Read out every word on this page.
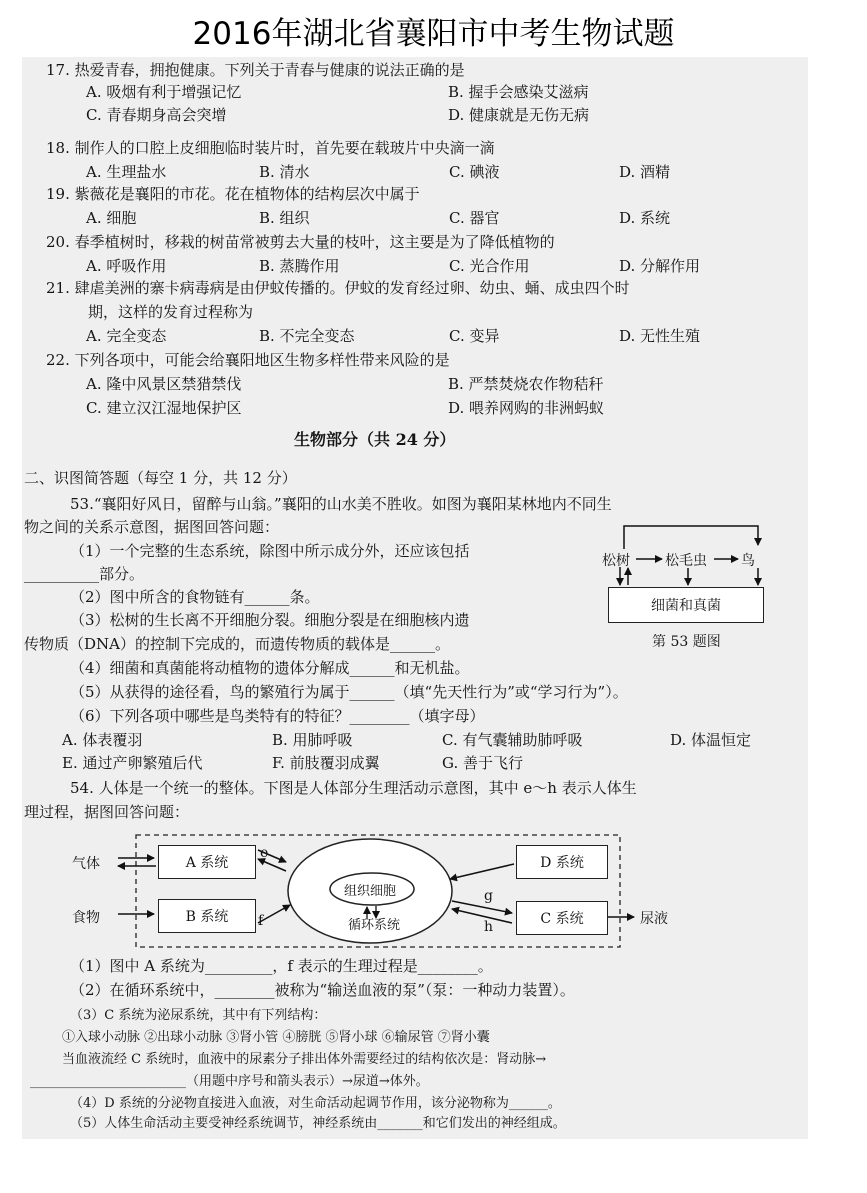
2016年湖北省襄阳市中考生物试题
17. 热爱青春，拥抱健康。下列关于青春与健康的说法正确的是
A. 吸烟有利于增强记忆	B. 握手会感染艾滋病
C. 青春期身高会突增	D. 健康就是无伤无病
18. 制作人的口腔上皮细胞临时装片时，首先要在载玻片中央滴一滴
A. 生理盐水	B. 清水	C. 碘液	D. 酒精
19. 紫薇花是襄阳的市花。花在植物体的结构层次中属于
A. 细胞	B. 组织	C. 器官	D. 系统
20. 春季植树时，移栽的树苗常被剪去大量的枝叶，这主要是为了降低植物的
A. 呼吸作用	B. 蒸腾作用	C. 光合作用	D. 分解作用
21. 肆虐美洲的寨卡病毒病是由伊蚊传播的。伊蚊的发育经过卵、幼虫、蛹、成虫四个时
期，这样的发育过程称为
A. 完全变态	B. 不完全变态	C. 变异	D. 无性生殖
22. 下列各项中，可能会给襄阳地区生物多样性带来风险的是
A. 隆中风景区禁猎禁伐	B. 严禁焚烧农作物秸秆
C. 建立汉江湿地保护区	D. 喂养网购的非洲蚂蚁
生物部分（共 24 分）
二、识图简答题（每空 1 分，共 12 分）
53.“襄阳好风日，留醉与山翁。”襄阳的山水美不胜收。如图为襄阳某林地内不同生
物之间的关系示意图，据图回答问题：
（1）一个完整的生态系统，除图中所示成分外，还应该包括
__________部分。
（2）图中所含的食物链有______条。
（3）松树的生长离不开细胞分裂。细胞分裂是在细胞核内遗
传物质（DNA）的控制下完成的，而遗传物质的载体是______。
（4）细菌和真菌能将动植物的遗体分解成______和无机盐。
（5）从获得的途径看，鸟的繁殖行为属于______（填“先天性行为”或“学习行为”）。
（6）下列各项中哪些是鸟类特有的特征？________（填字母）
A. 体表覆羽	B. 用肺呼吸	C. 有气囊辅助肺呼吸	D. 体温恒定
E. 通过产卵繁殖后代	F. 前肢覆羽成翼	G. 善于飞行
松树	松毛虫 鸟
细菌和真菌
第 53 题图
54. 人体是一个统一的整体。下图是人体部分生理活动示意图，其中 e～h 表示人体生
理过程，据图回答问题：
气体
食物
A 系统
B 系统
D 系统
C 系统
组织细胞
循环系统	尿液
e
f
g
h
（1）图中 A 系统为_________，f 表示的生理过程是________。
（2）在循环系统中，________被称为“输送血液的泵”（泵：一种动力装置）。
（3）C 系统为泌尿系统，其中有下列结构：
①入球小动脉 ②出球小动脉 ③肾小管 ④膀胱 ⑤肾小球 ⑥输尿管 ⑦肾小囊
当血液流经 C 系统时，血液中的尿素分子排出体外需要经过的结构依次是：肾动脉→
________________________（用题中序号和箭头表示）→尿道→体外。
（4）D 系统的分泌物直接进入血液，对生命活动起调节作用，该分泌物称为______。
（5）人体生命活动主要受神经系统调节，神经系统由_______和它们发出的神经组成。
